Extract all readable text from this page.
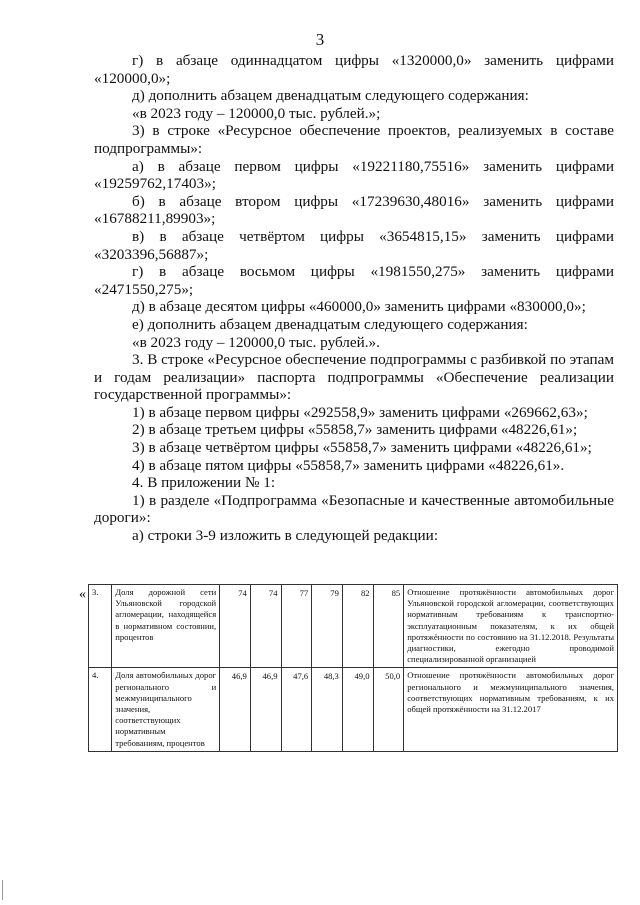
3

г) в абзаце одиннадцатом цифры «1320000,0» заменить цифрами «120000,0»;

д) дополнить абзацем двенадцатым следующего содержания:

«в 2023 году – 120000,0 тыс. рублей.»;

3) в строке «Ресурсное обеспечение проектов, реализуемых в составе подпрограммы»:

а) в абзаце первом цифры «19221180,75516» заменить цифрами «19259762,17403»;

б) в абзаце втором цифры «17239630,48016» заменить цифрами «16788211,89903»;

в) в абзаце четвёртом цифры «3654815,15» заменить цифрами «3203396,56887»;

г) в абзаце восьмом цифры «1981550,275» заменить цифрами «2471550,275»;

д) в абзаце десятом цифры «460000,0» заменить цифрами «830000,0»;

е) дополнить абзацем двенадцатым следующего содержания:

«в 2023 году – 120000,0 тыс. рублей.».

3. В строке «Ресурсное обеспечение подпрограммы с разбивкой по этапам и годам реализации» паспорта подпрограммы «Обеспечение реализации государственной программы»:

1) в абзаце первом цифры «292558,9» заменить цифрами «269662,63»;

2) в абзаце третьем цифры «55858,7» заменить цифрами «48226,61»;

3) в абзаце четвёртом цифры «55858,7» заменить цифрами «48226,61»;

4) в абзаце пятом цифры «55858,7» заменить цифрами «48226,61».

4. В приложении № 1:

1) в разделе «Подпрограмма «Безопасные и качественные автомобильные дороги»:

а) строки 3-9 изложить в следующей редакции:

« 3.	Доля дорожной сети Ульяновской городской агломерации, находящейся в нормативном состоянии, процентов	74	74	77	79	82	85	Отношение протяжённости автомобильных дорог Ульяновской городской агломерации, соответствующих нормативным требованиям к транспортно-эксплуатационным показателям, к их общей протяжённости по состоянию на 31.12.2018. Результаты диагностики, ежегодно проводимой специализированной организацией
4.	Доля автомобильных дорог регионального и межмуниципального значения, соответствующих нормативным требованиям, процентов	46,9	46,9	47,6	48,3	49,0	50,0	Отношение протяжённости автомобильных дорог регионального и межмуниципального значения, соответствующих нормативным требованиям, к их общей протяжённости на 31.12.2017
